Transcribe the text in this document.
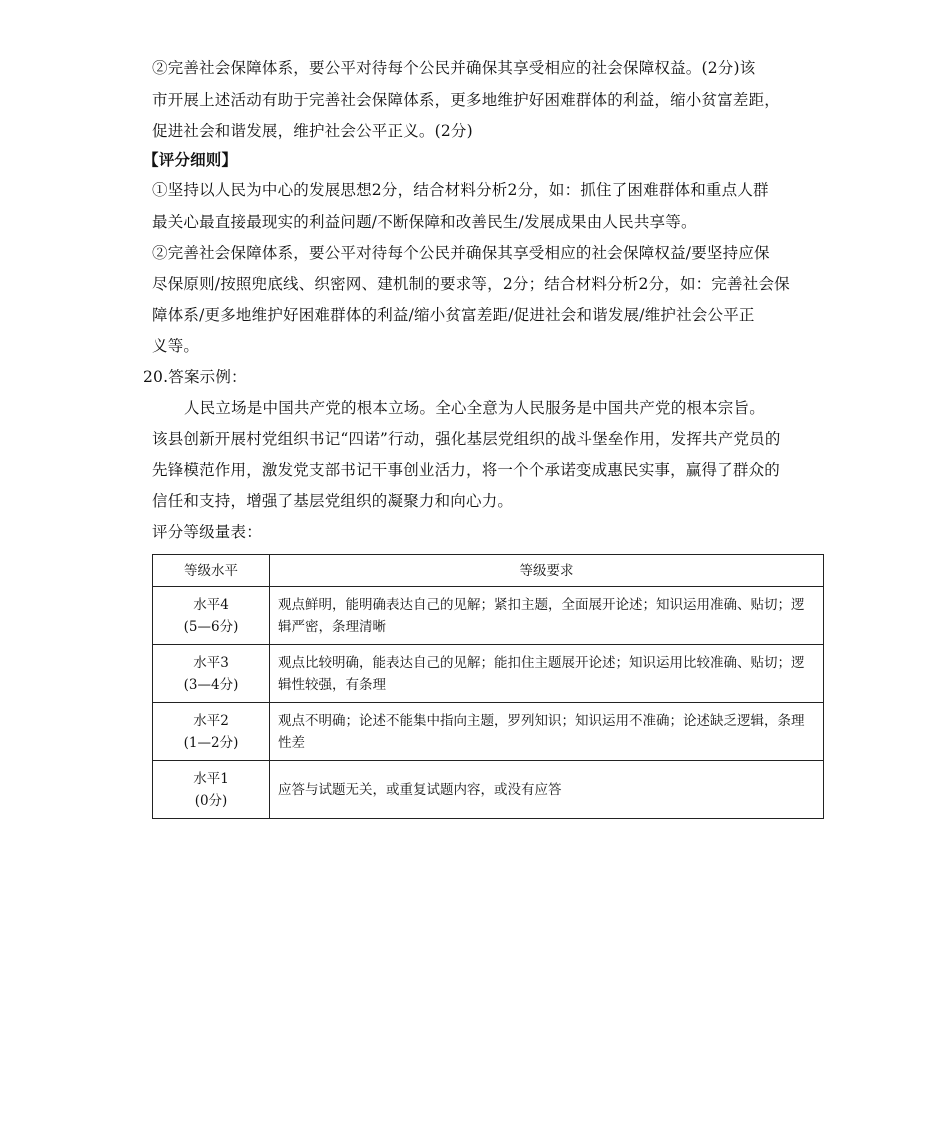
②完善社会保障体系，要公平对待每个公民并确保其享受相应的社会保障权益。(2分)该
市开展上述活动有助于完善社会保障体系，更多地维护好困难群体的利益，缩小贫富差距，
促进社会和谐发展，维护社会公平正义。(2分)
【评分细则】
①坚持以人民为中心的发展思想2分，结合材料分析2分，如：抓住了困难群体和重点人群
最关心最直接最现实的利益问题/不断保障和改善民生/发展成果由人民共享等。
②完善社会保障体系，要公平对待每个公民并确保其享受相应的社会保障权益/要坚持应保
尽保原则/按照兜底线、织密网、建机制的要求等，2分；结合材料分析2分，如：完善社会保
障体系/更多地维护好困难群体的利益/缩小贫富差距/促进社会和谐发展/维护社会公平正
义等。
20.答案示例：
人民立场是中国共产党的根本立场。全心全意为人民服务是中国共产党的根本宗旨。
该县创新开展村党组织书记“四诺”行动，强化基层党组织的战斗堡垒作用，发挥共产党员的
先锋模范作用，激发党支部书记干事创业活力，将一个个承诺变成惠民实事，赢得了群众的
信任和支持，增强了基层党组织的凝聚力和向心力。
评分等级量表：
等级水平	等级要求

水平4
(5—6分)	观点鲜明，能明确表达自己的见解；紧扣主题，全面展开论述；知识运用准确、贴切；逻辑严密，条理清晰

水平3
(3—4分)	观点比较明确，能表达自己的见解；能扣住主题展开论述；知识运用比较准确、贴切；逻辑性较强，有条理

水平2
(1—2分)	观点不明确；论述不能集中指向主题，罗列知识；知识运用不准确；论述缺乏逻辑，条理性差

水平1
(0分)	应答与试题无关，或重复试题内容，或没有应答
